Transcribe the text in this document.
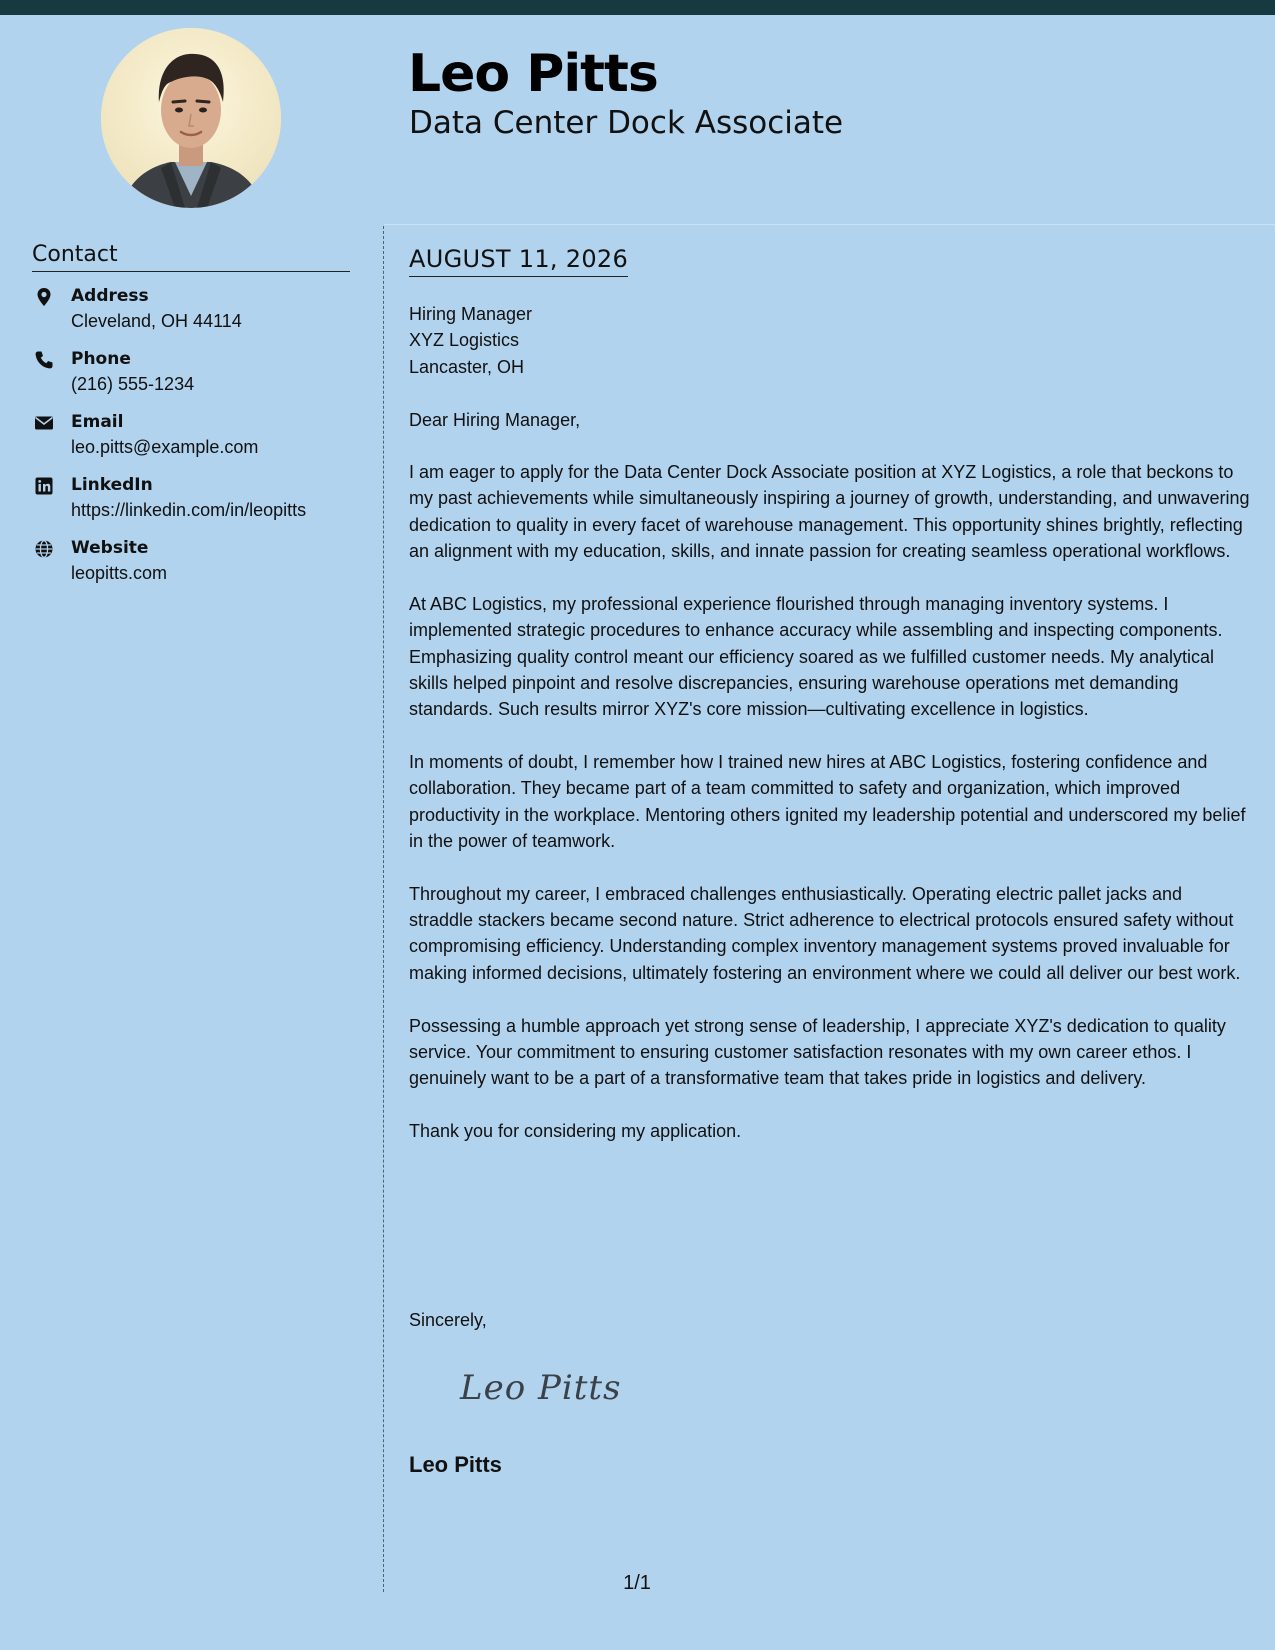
Leo Pitts
Data Center Dock Associate
Contact
Address
Cleveland, OH 44114
Phone
(216) 555-1234
Email
leo.pitts@example.com
LinkedIn
https://linkedin.com/in/leopitts
Website
leopitts.com
AUGUST 11, 2026

Hiring Manager
XYZ Logistics
Lancaster, OH

Dear Hiring Manager,

I am eager to apply for the Data Center Dock Associate position at XYZ Logistics, a role that beckons to my past achievements while simultaneously inspiring a journey of growth, understanding, and unwavering dedication to quality in every facet of warehouse management. This opportunity shines brightly, reflecting an alignment with my education, skills, and innate passion for creating seamless operational workflows.

At ABC Logistics, my professional experience flourished through managing inventory systems. I implemented strategic procedures to enhance accuracy while assembling and inspecting components. Emphasizing quality control meant our efficiency soared as we fulfilled customer needs. My analytical skills helped pinpoint and resolve discrepancies, ensuring warehouse operations met demanding standards. Such results mirror XYZ's core mission—cultivating excellence in logistics.

In moments of doubt, I remember how I trained new hires at ABC Logistics, fostering confidence and collaboration. They became part of a team committed to safety and organization, which improved productivity in the workplace. Mentoring others ignited my leadership potential and underscored my belief in the power of teamwork.

Throughout my career, I embraced challenges enthusiastically. Operating electric pallet jacks and straddle stackers became second nature. Strict adherence to electrical protocols ensured safety without compromising efficiency. Understanding complex inventory management systems proved invaluable for making informed decisions, ultimately fostering an environment where we could all deliver our best work.

Possessing a humble approach yet strong sense of leadership, I appreciate XYZ's dedication to quality service. Your commitment to ensuring customer satisfaction resonates with my own career ethos. I genuinely want to be a part of a transformative team that takes pride in logistics and delivery.

Thank you for considering my application.

Sincerely,

Leo Pitts

Leo Pitts

1/1
